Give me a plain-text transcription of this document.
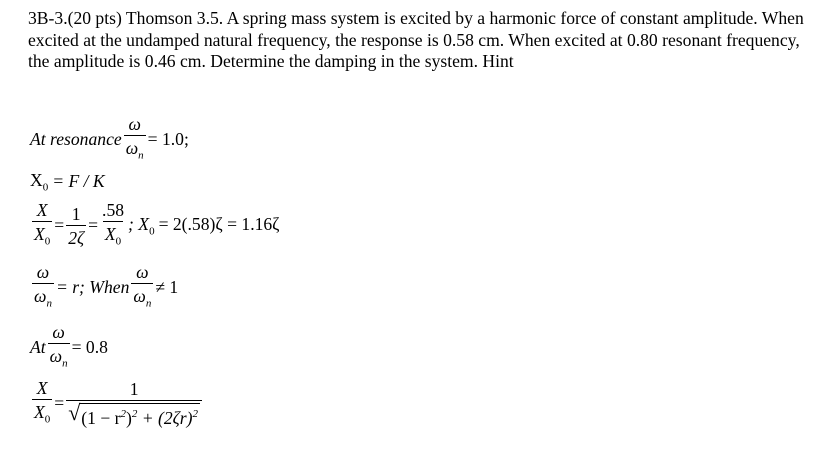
3B-3.(20 pts) Thomson 3.5. A spring mass system is excited by a harmonic force of constant amplitude. When excited at the undamped natural frequency, the response is 0.58 cm. When excited at 0.80 resonant frequency, the amplitude is 0.46 cm. Determine the damping in the system. Hint

At resonance $\frac{\omega}{\omega_n} = 1.0$;
$X_0 = F / K$
$\frac{X}{X_0} = \frac{1}{2\zeta} = \frac{.58}{X_0}$ ; $X_0 = 2(.58)\zeta = 1.16\zeta$
$\frac{\omega}{\omega_n} = r$; When $\frac{\omega}{\omega_n} \ne 1$
At $\frac{\omega}{\omega_n} = 0.8$
$\frac{X}{X_0} = \frac{1}{√ (1 - r^2)^2 + (2\zeta r)^2}$
